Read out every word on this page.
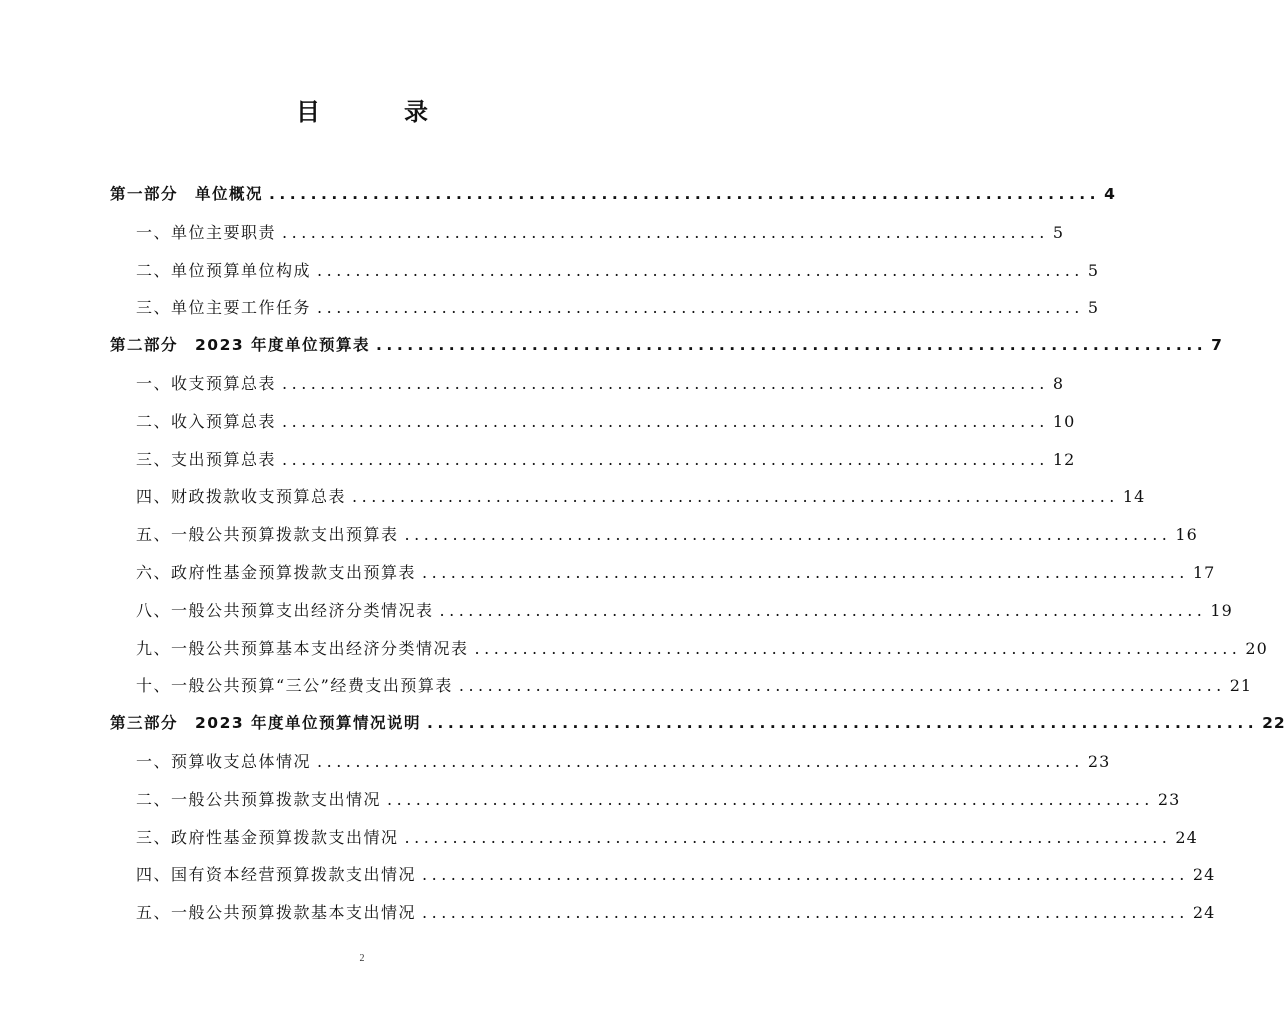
目　录
第一部分　单位概况 ................................................................................ 4
一、单位主要职责 ................................................................................ 5
二、单位预算单位构成 ................................................................................ 5
三、单位主要工作任务 ................................................................................ 5
第二部分　2023 年度单位预算表 ................................................................................ 7
一、收支预算总表 ................................................................................ 8
二、收入预算总表 ................................................................................ 10
三、支出预算总表 ................................................................................ 12
四、财政拨款收支预算总表 ................................................................................ 14
五、一般公共预算拨款支出预算表 ................................................................................ 16
六、政府性基金预算拨款支出预算表 ................................................................................ 17
八、一般公共预算支出经济分类情况表 ................................................................................ 19
九、一般公共预算基本支出经济分类情况表 ................................................................................ 20
十、一般公共预算“三公”经费支出预算表 ................................................................................ 21
第三部分　2023 年度单位预算情况说明 ................................................................................ 22
一、预算收支总体情况 ................................................................................ 23
二、一般公共预算拨款支出情况 ................................................................................ 23
三、政府性基金预算拨款支出情况 ................................................................................ 24
四、国有资本经营预算拨款支出情况 ................................................................................ 24
五、一般公共预算拨款基本支出情况 ................................................................................ 24
2
